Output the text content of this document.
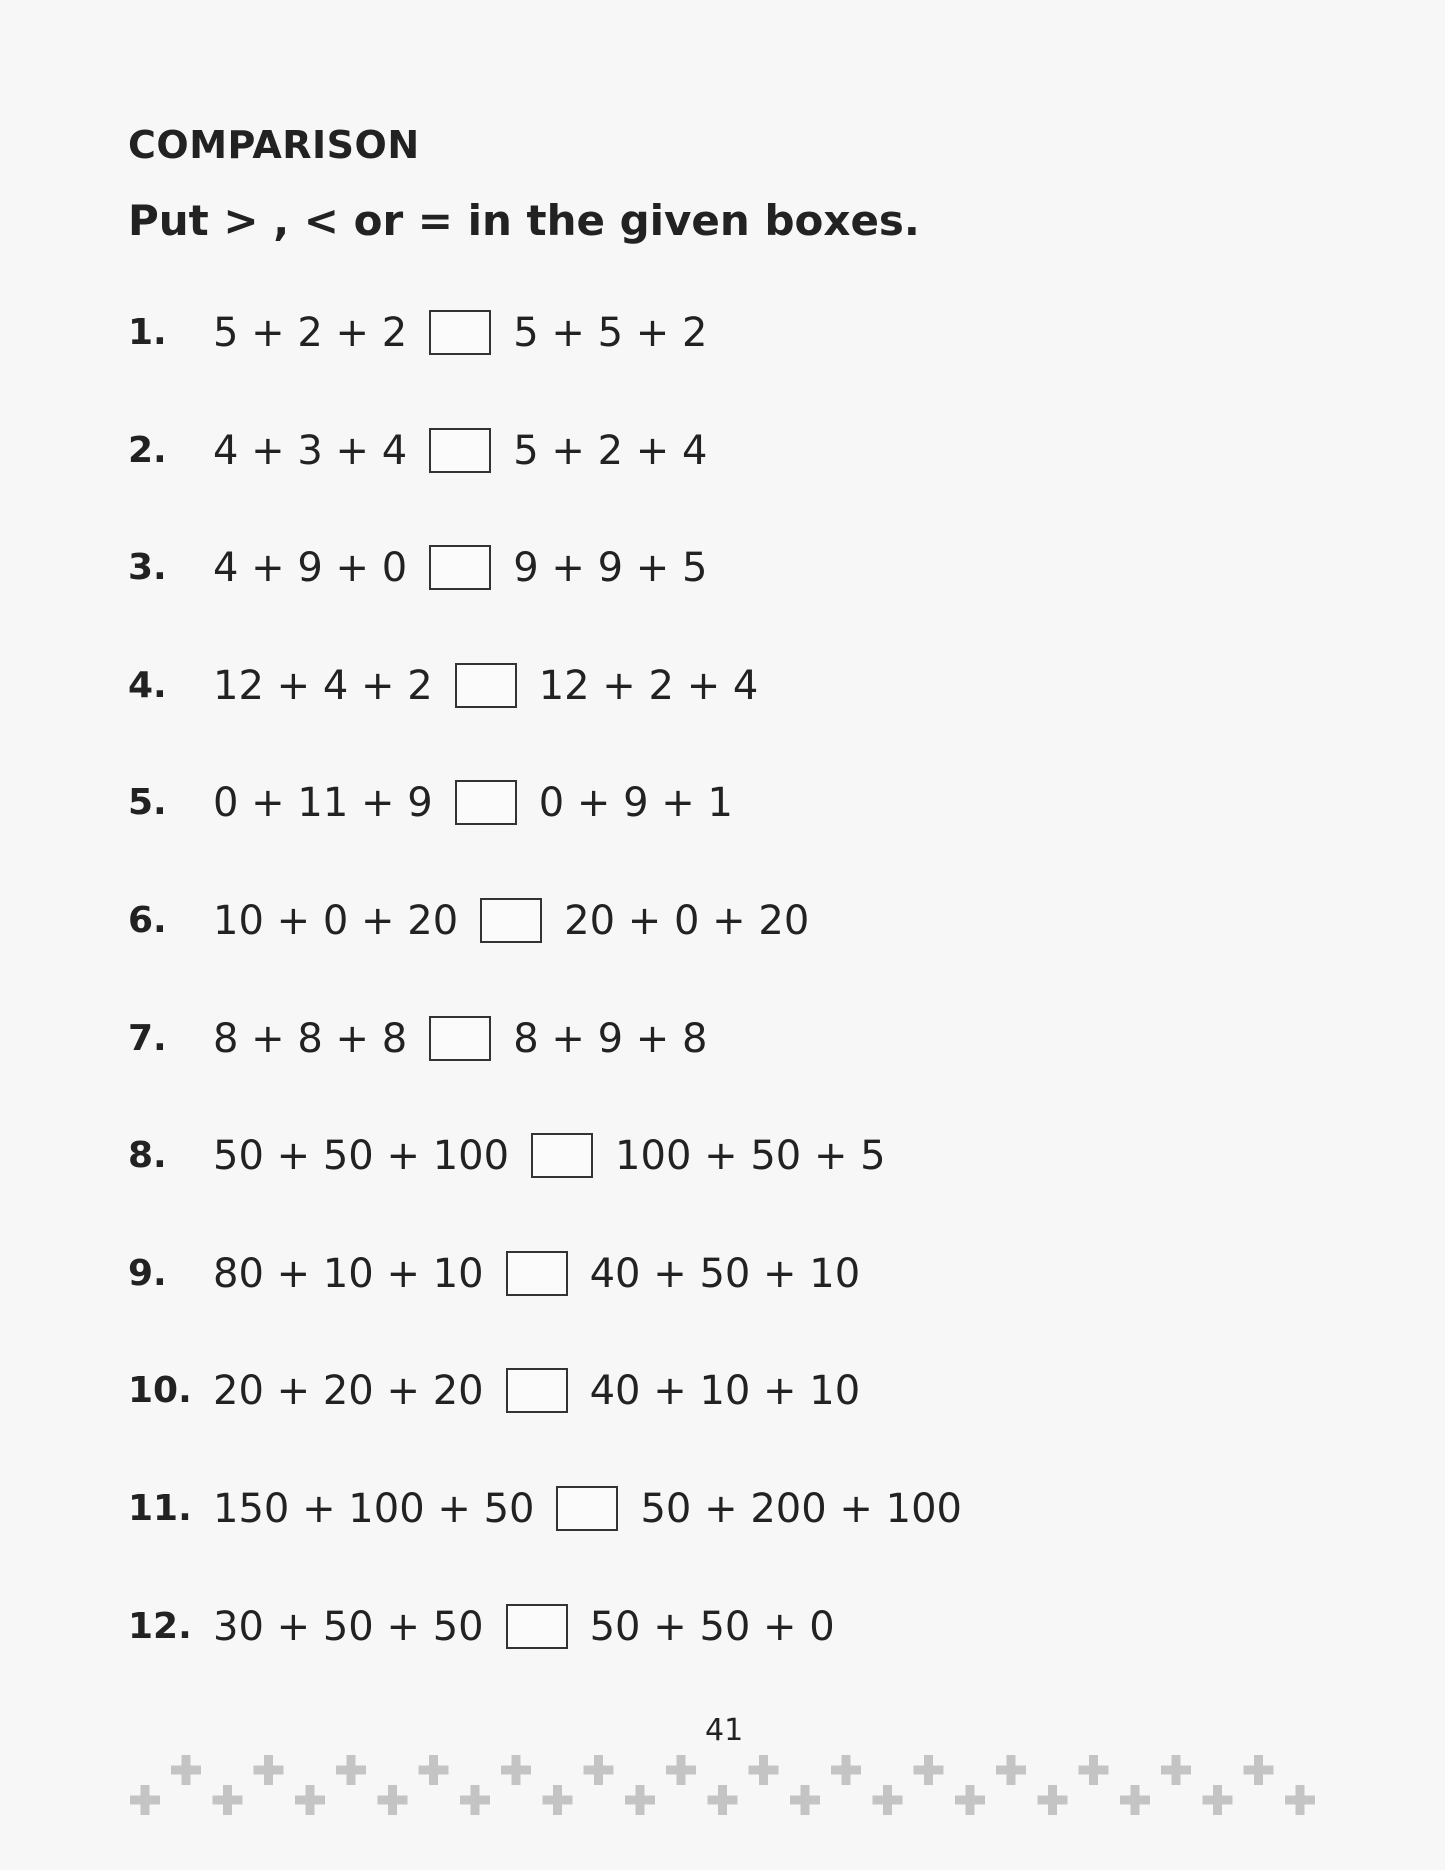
COMPARISON
Put > , < or = in the given boxes.
1.	5 + 2 + 2	5 + 5 + 2
2.	4 + 3 + 4	5 + 2 + 4
3.	4 + 9 + 0	9 + 9 + 5
4.	12 + 4 + 2	12 + 2 + 4
5.	0 + 11 + 9	0 + 9 + 1
6.	10 + 0 + 20	20 + 0 + 20
7.	8 + 8 + 8	8 + 9 + 8
8.	50 + 50 + 100	100 + 50 + 5
9.	80 + 10 + 10	40 + 50 + 10
10. 20 + 20 + 20	40 + 10 + 10
11. 150 + 100 + 50	50 + 200 + 100
12. 30 + 50 + 50	50 + 50 + 0
41
